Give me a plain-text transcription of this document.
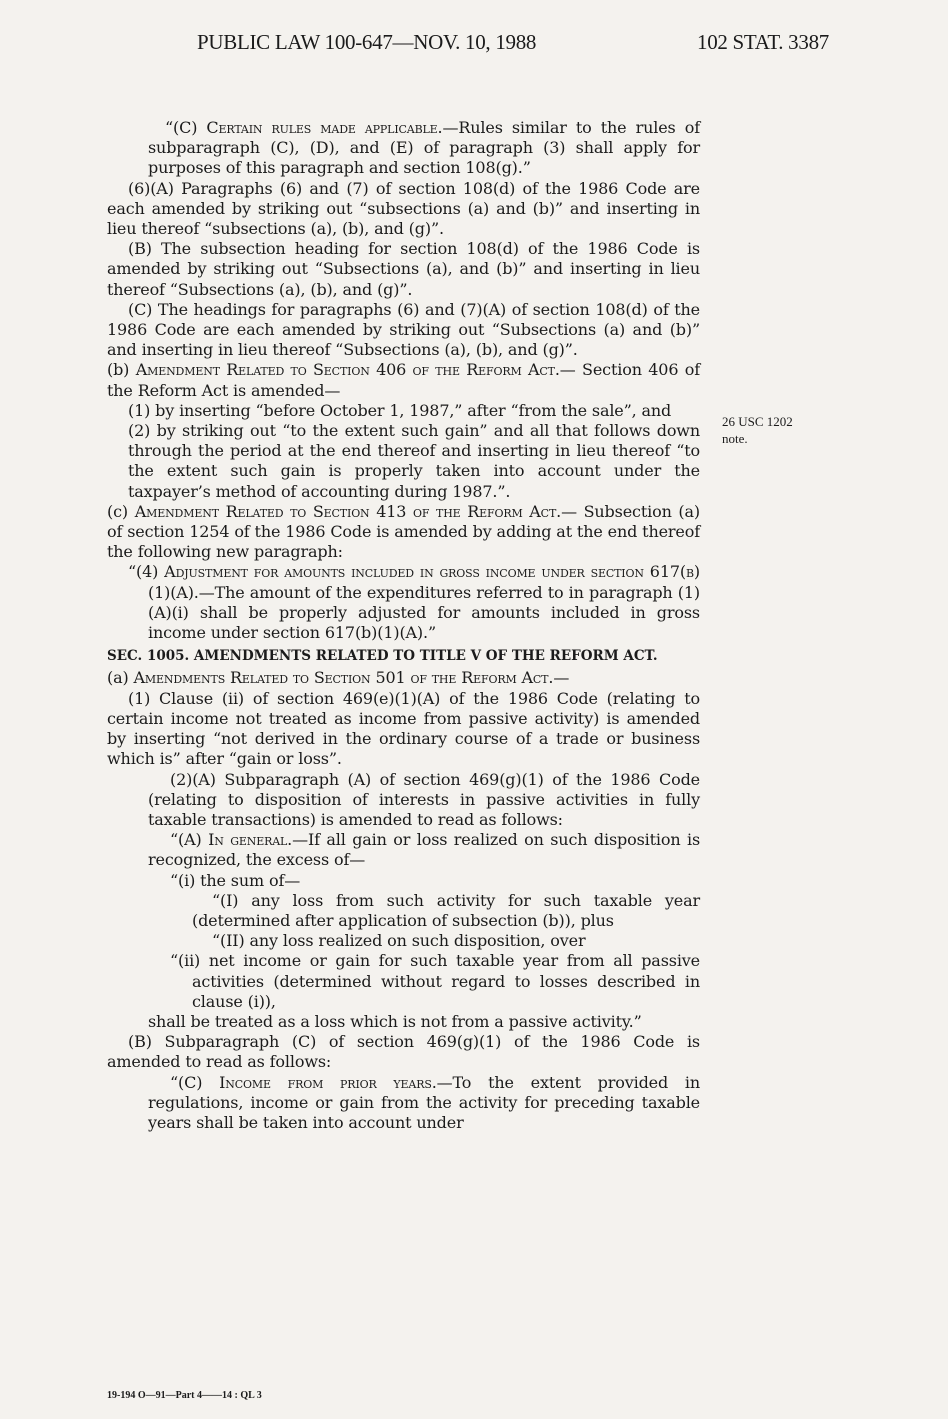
PUBLIC LAW 100-647—NOV. 10, 1988	102 STAT. 3387

“(C) Certain rules made applicable.—Rules similar to the rules of subparagraph (C), (D), and (E) of paragraph (3) shall apply for purposes of this paragraph and section 108(g).”

(6)(A) Paragraphs (6) and (7) of section 108(d) of the 1986 Code are each amended by striking out “subsections (a) and (b)” and inserting in lieu thereof “subsections (a), (b), and (g)”.

(B) The subsection heading for section 108(d) of the 1986 Code is amended by striking out “Subsections (a), and (b)” and inserting in lieu thereof “Subsections (a), (b), and (g)”.

(C) The headings for paragraphs (6) and (7)(A) of section 108(d) of the 1986 Code are each amended by striking out “Subsections (a) and (b)” and inserting in lieu thereof “Subsections (a), (b), and (g)”.

(b) Amendment Related to Section 406 of the Reform Act.— Section 406 of the Reform Act is amended—

(1) by inserting “before October 1, 1987,” after “from the sale”, and

(2) by striking out “to the extent such gain” and all that follows down through the period at the end thereof and inserting in lieu thereof “to the extent such gain is properly taken into account under the taxpayer’s method of accounting during 1987.”.

(c) Amendment Related to Section 413 of the Reform Act.— Subsection (a) of section 1254 of the 1986 Code is amended by adding at the end thereof the following new paragraph:

“(4) Adjustment for amounts included in gross income under section 617(b)(1)(A).—The amount of the expenditures referred to in paragraph (1)(A)(i) shall be properly adjusted for amounts included in gross income under section 617(b)(1)(A).”

SEC. 1005. AMENDMENTS RELATED TO TITLE V OF THE REFORM ACT.

(a) Amendments Related to Section 501 of the Reform Act.—

(1) Clause (ii) of section 469(e)(1)(A) of the 1986 Code (relating to certain income not treated as income from passive activity) is amended by inserting “not derived in the ordinary course of a trade or business which is” after “gain or loss”.

(2)(A) Subparagraph (A) of section 469(g)(1) of the 1986 Code (relating to disposition of interests in passive activities in fully taxable transactions) is amended to read as follows:

“(A) In general.—If all gain or loss realized on such disposition is recognized, the excess of—

“(i) the sum of—

“(I) any loss from such activity for such taxable year (determined after application of subsection (b)), plus

“(II) any loss realized on such disposition, over

“(ii) net income or gain for such taxable year from all passive activities (determined without regard to losses described in clause (i)),

shall be treated as a loss which is not from a passive activity.”

(B) Subparagraph (C) of section 469(g)(1) of the 1986 Code is amended to read as follows:

“(C) Income from prior years.—To the extent provided in regulations, income or gain from the activity for preceding taxable years shall be taken into account under

26 USC 1202
note.
19-194 O—91—Part 4——14 : QL 3
